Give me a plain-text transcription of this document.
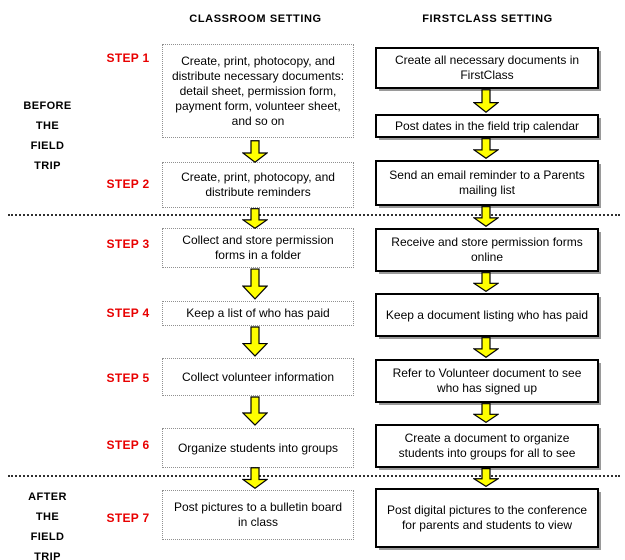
CLASSROOM SETTING	FIRSTCLASS SETTING
BEFORE
THE
FIELD
TRIP
AFTER
THE
FIELD
TRIP
STEP 1
STEP 2
STEP 3
STEP 4
STEP 5
STEP 6
STEP 7
Create, print, photocopy, and distribute necessary documents: detail sheet, permission form, payment form, volunteer sheet, and so on
Create, print, photocopy, and distribute reminders
Collect and store permission forms in a folder
Keep a list of who has paid
Collect volunteer information
Organize students into groups
Post pictures to a bulletin board in class
Create all necessary documents in FirstClass
Post dates in the field trip calendar
Send an email reminder to a Parents mailing list
Receive and store permission forms online
Keep a document listing who has paid
Refer to Volunteer document to see who has signed up
Create a document to organize students into groups for all to see
Post digital pictures to the conference for parents and students to view
